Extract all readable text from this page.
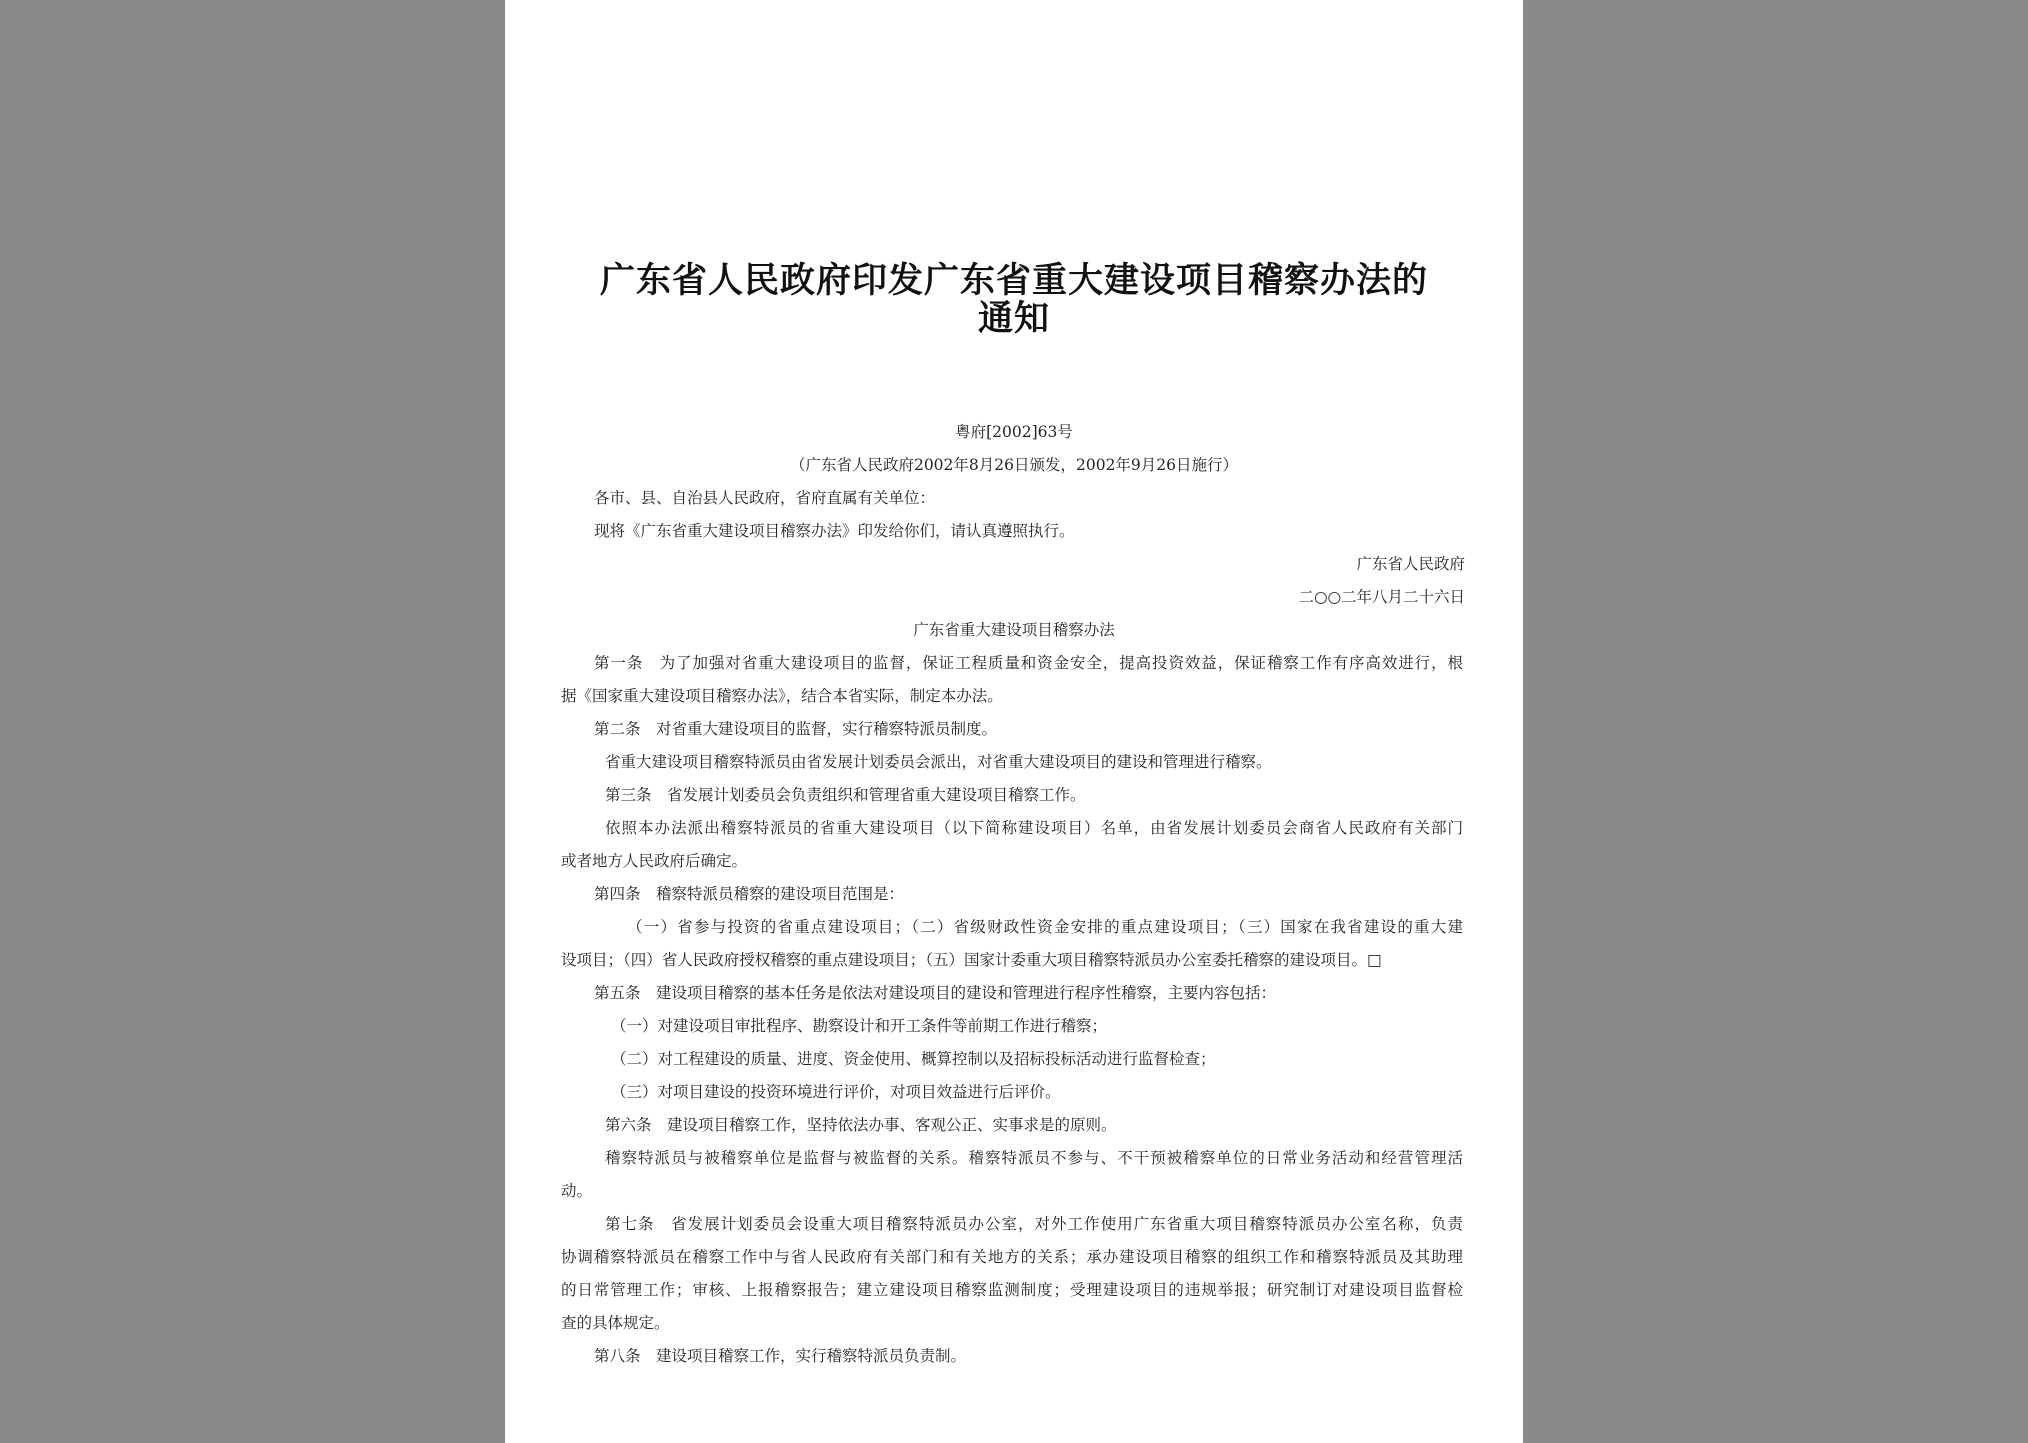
广东省人民政府印发广东省重大建设项目稽察办法的
通知
粤府[2002]63号
（广东省人民政府2002年8月26日颁发，2002年9月26日施行）
各市、县、自治县人民政府，省府直属有关单位：
现将《广东省重大建设项目稽察办法》印发给你们，请认真遵照执行。
广东省人民政府
二○○二年八月二十六日
广东省重大建设项目稽察办法
第一条　为了加强对省重大建设项目的监督，保证工程质量和资金安全，提高投资效益，保证稽察工作有序高效进行，根
据《国家重大建设项目稽察办法》，结合本省实际，制定本办法。
第二条　对省重大建设项目的监督，实行稽察特派员制度。
省重大建设项目稽察特派员由省发展计划委员会派出，对省重大建设项目的建设和管理进行稽察。
第三条　省发展计划委员会负责组织和管理省重大建设项目稽察工作。
依照本办法派出稽察特派员的省重大建设项目（以下简称建设项目）名单，由省发展计划委员会商省人民政府有关部门
或者地方人民政府后确定。
第四条　稽察特派员稽察的建设项目范围是：
（一）省参与投资的省重点建设项目；（二）省级财政性资金安排的重点建设项目；（三）国家在我省建设的重大建
设项目；（四）省人民政府授权稽察的重点建设项目；（五）国家计委重大项目稽察特派员办公室委托稽察的建设项目。□
第五条　建设项目稽察的基本任务是依法对建设项目的建设和管理进行程序性稽察，主要内容包括：
（一）对建设项目审批程序、勘察设计和开工条件等前期工作进行稽察；
（二）对工程建设的质量、进度、资金使用、概算控制以及招标投标活动进行监督检查；
（三）对项目建设的投资环境进行评价，对项目效益进行后评价。
第六条　建设项目稽察工作，坚持依法办事、客观公正、实事求是的原则。
稽察特派员与被稽察单位是监督与被监督的关系。稽察特派员不参与、不干预被稽察单位的日常业务活动和经营管理活
动。
第七条　省发展计划委员会设重大项目稽察特派员办公室，对外工作使用广东省重大项目稽察特派员办公室名称，负责
协调稽察特派员在稽察工作中与省人民政府有关部门和有关地方的关系；承办建设项目稽察的组织工作和稽察特派员及其助理
的日常管理工作；审核、上报稽察报告；建立建设项目稽察监测制度；受理建设项目的违规举报；研究制订对建设项目监督检
查的具体规定。
第八条　建设项目稽察工作，实行稽察特派员负责制。
